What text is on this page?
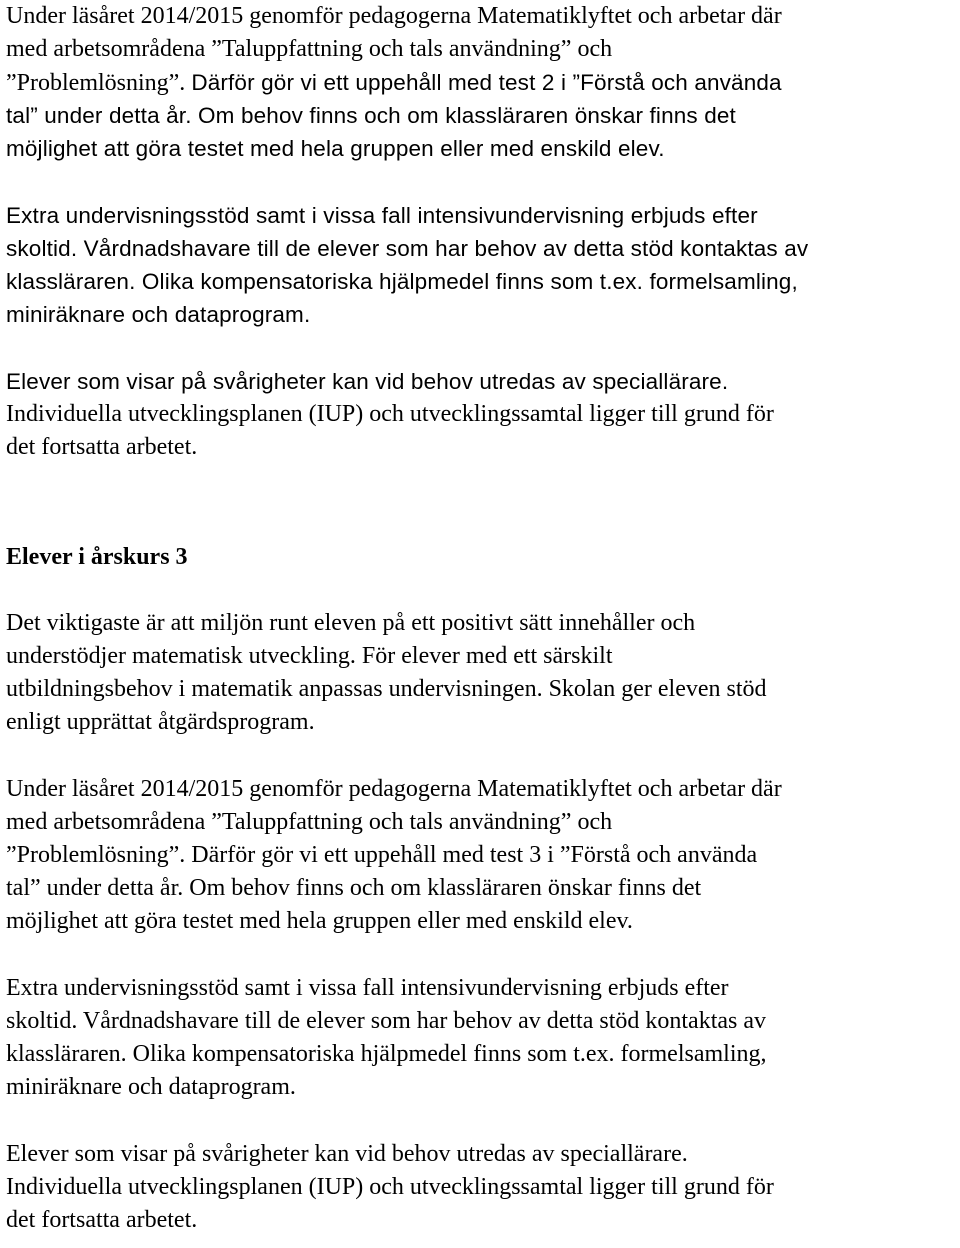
Under läsåret 2014/2015 genomför pedagogerna Matematiklyftet och arbetar där
med arbetsområdena ”Taluppfattning och tals användning” och
”Problemlösning”. Därför gör vi ett uppehåll med test 2 i ”Förstå och använda
tal” under detta år. Om behov finns och om klassläraren önskar finns det
möjlighet att göra testet med hela gruppen eller med enskild elev.
Extra undervisningsstöd samt i vissa fall intensivundervisning erbjuds efter
skoltid. Vårdnadshavare till de elever som har behov av detta stöd kontaktas av
klassläraren. Olika kompensatoriska hjälpmedel finns som t.ex. formelsamling,
miniräknare och dataprogram.
Elever som visar på svårigheter kan vid behov utredas av speciallärare.
Individuella utvecklingsplanen (IUP) och utvecklingssamtal ligger till grund för
det fortsatta arbetet.
Elever i årskurs 3
Det viktigaste är att miljön runt eleven på ett positivt sätt innehåller och
understödjer matematisk utveckling. För elever med ett särskilt
utbildningsbehov i matematik anpassas undervisningen. Skolan ger eleven stöd
enligt upprättat åtgärdsprogram.
Under läsåret 2014/2015 genomför pedagogerna Matematiklyftet och arbetar där
med arbetsområdena ”Taluppfattning och tals användning” och
”Problemlösning”. Därför gör vi ett uppehåll med test 3 i ”Förstå och använda
tal” under detta år. Om behov finns och om klassläraren önskar finns det
möjlighet att göra testet med hela gruppen eller med enskild elev.
Extra undervisningsstöd samt i vissa fall intensivundervisning erbjuds efter
skoltid. Vårdnadshavare till de elever som har behov av detta stöd kontaktas av
klassläraren. Olika kompensatoriska hjälpmedel finns som t.ex. formelsamling,
miniräknare och dataprogram.
Elever som visar på svårigheter kan vid behov utredas av speciallärare.
Individuella utvecklingsplanen (IUP) och utvecklingssamtal ligger till grund för
det fortsatta arbetet.
